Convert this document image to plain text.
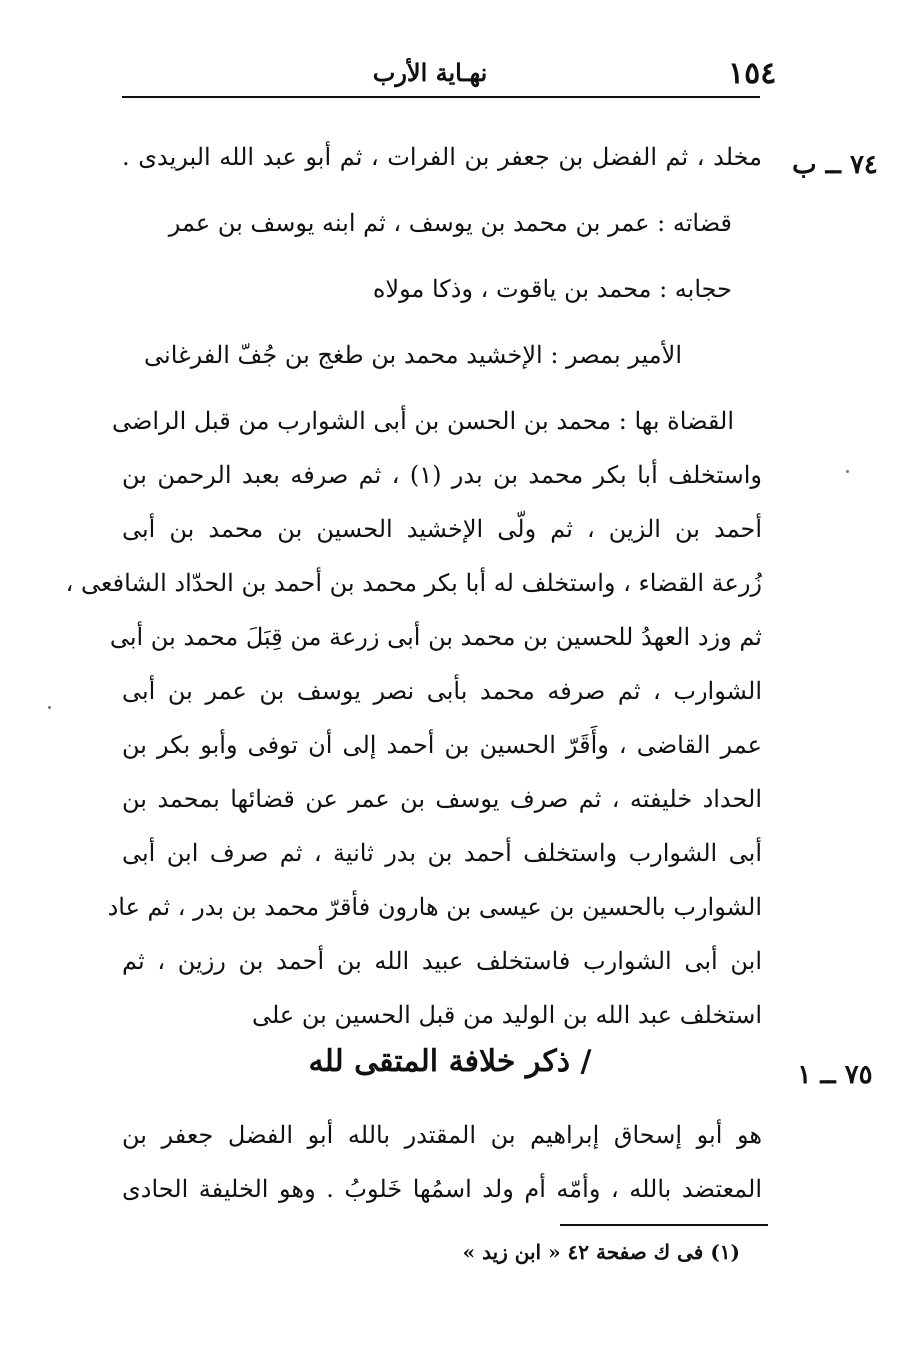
١٥٤
نهـاية الأرب
٧٤ ــ ب
مخلد ، ثم الفضل بن جعفر بن الفرات ، ثم أبو عبد الله البريدى .
قضاته : عمر بن محمد بن يوسف ، ثم ابنه يوسف بن عمر
حجابه : محمد بن ياقوت ، وذكا مولاه
الأمير بمصر : الإخشيد محمد بن طغج بن جُفّ الفرغانى
القضاة بها : محمد بن الحسن بن أبى الشوارب من قبل الراضى
واستخلف أبا بكر محمد بن بدر (١) ، ثم صرفه بعبد الرحمن بن
أحمد بن الزين ، ثم ولّى الإخشيد الحسين بن محمد بن أبى
زُرعة القضاء ، واستخلف له أبا بكر محمد بن أحمد بن الحدّاد الشافعى ،
ثم وزد العهدُ للحسين بن محمد بن أبى زرعة من قِبَلَ محمد بن أبى
الشوارب ، ثم صرفه محمد بأبى نصر يوسف بن عمر بن أبى
عمر القاضى ، وأَقَرّ الحسين بن أحمد إلى أن توفى وأبو بكر بن
الحداد خليفته ، ثم صرف يوسف بن عمر عن قضائها بمحمد بن
أبى الشوارب واستخلف أحمد بن بدر ثانية ، ثم صرف ابن أبى
الشوارب بالحسين بن عيسى بن هارون فأقرّ محمد بن بدر ، ثم عاد
ابن أبى الشوارب فاستخلف عبيد الله بن أحمد بن رزين ، ثم
استخلف عبد الله بن الوليد من قبل الحسين بن على
٧٥ ــ ١
/ ذكر خلافة المتقى لله
هو أبو إسحاق إبراهيم بن المقتدر بالله أبو الفضل جعفر بن
المعتضد بالله ، وأمّه أم ولد اسمُها خَلوبُ . وهو الخليفة الحادى
(١) فى ك صفحة ٤٢ « ابن زيد »
